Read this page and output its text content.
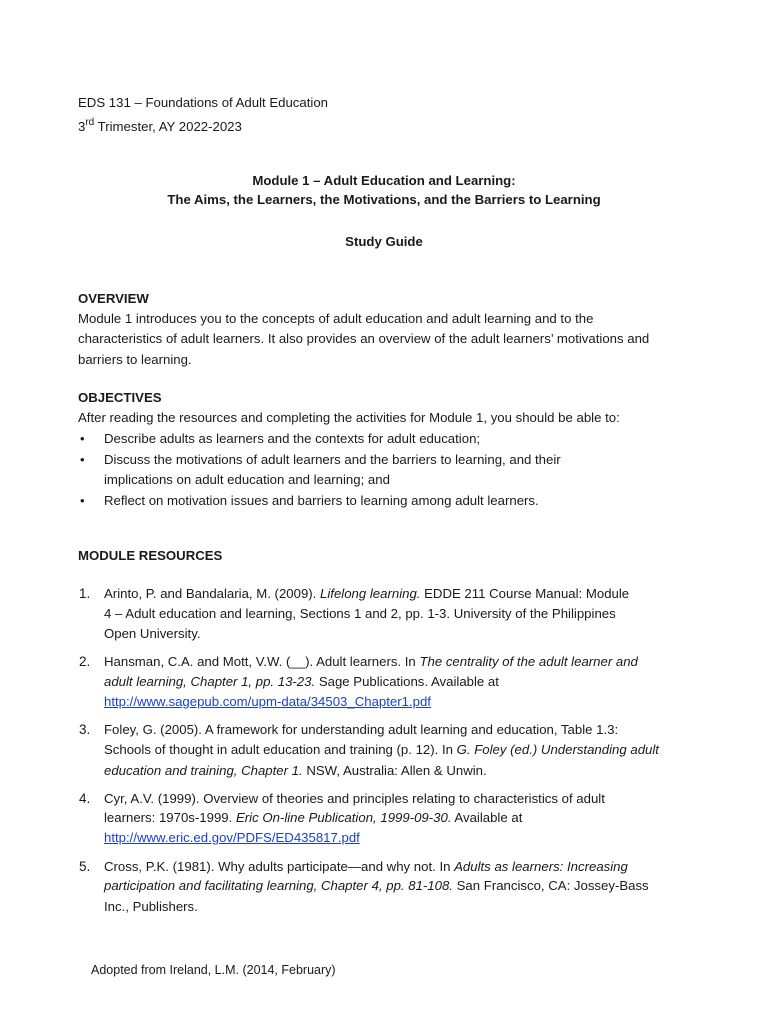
EDS 131 – Foundations of Adult Education
3rd Trimester, AY 2022-2023
Module 1 – Adult Education and Learning:
The Aims, the Learners, the Motivations, and the Barriers to Learning
Study Guide
OVERVIEW
Module 1 introduces you to the concepts of adult education and adult learning and to the
characteristics of adult learners. It also provides an overview of the adult learners’ motivations and
barriers to learning.
OBJECTIVES
After reading the resources and completing the activities for Module 1, you should be able to:
• Describe adults as learners and the contexts for adult education;
• Discuss the motivations of adult learners and the barriers to learning, and their
implications on adult education and learning; and
• Reflect on motivation issues and barriers to learning among adult learners.
MODULE RESOURCES
1. Arinto, P. and Bandalaria, M. (2009). Lifelong learning. EDDE 211 Course Manual: Module
4 – Adult education and learning, Sections 1 and 2, pp. 1-3. University of the Philippines
Open University.
2. Hansman, C.A. and Mott, V.W. (__). Adult learners. In The centrality of the adult learner and
adult learning, Chapter 1, pp. 13-23. Sage Publications. Available at
http://www.sagepub.com/upm-data/34503_Chapter1.pdf
3. Foley, G. (2005). A framework for understanding adult learning and education, Table 1.3:
Schools of thought in adult education and training (p. 12). In G. Foley (ed.) Understanding adult
education and training, Chapter 1. NSW, Australia: Allen & Unwin.
4. Cyr, A.V. (1999). Overview of theories and principles relating to characteristics of adult
learners: 1970s-1999. Eric On-line Publication, 1999-09-30. Available at
http://www.eric.ed.gov/PDFS/ED435817.pdf
5. Cross, P.K. (1981). Why adults participate—and why not. In Adults as learners: Increasing
participation and facilitating learning, Chapter 4, pp. 81-108. San Francisco, CA: Jossey-Bass
Inc., Publishers.
Adopted from Ireland, L.M. (2014, February)
